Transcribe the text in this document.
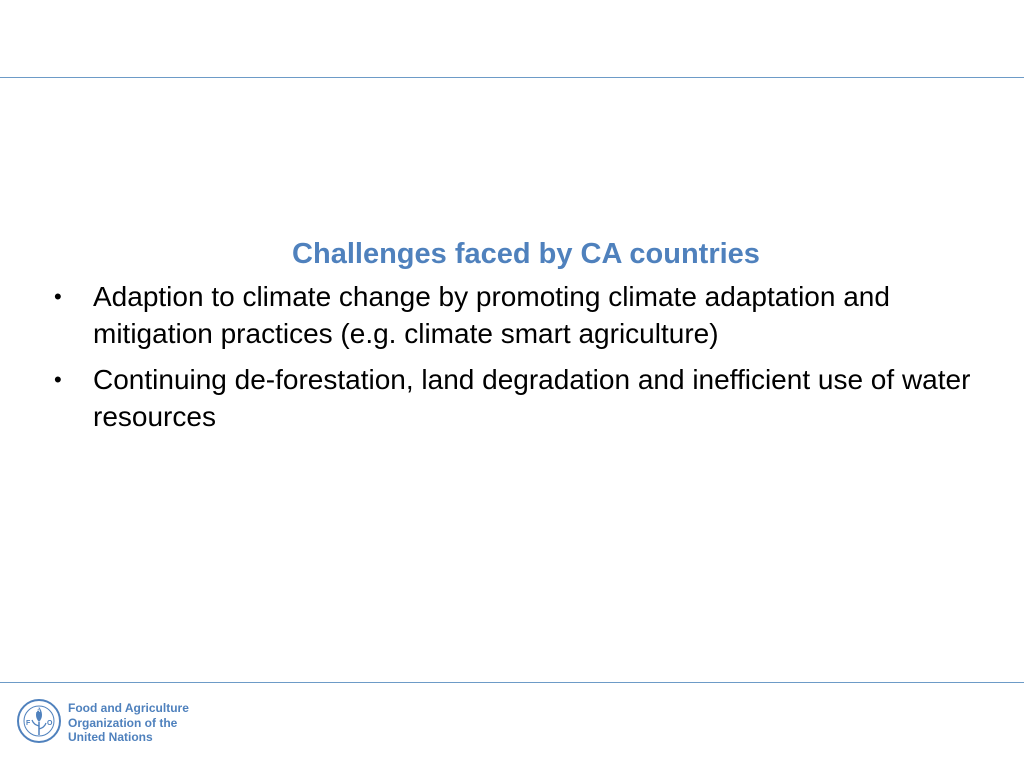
Challenges faced by CA countries
• Adaption to climate change by promoting climate adaptation and mitigation practices (e.g. climate smart agriculture)
• Continuing de-forestation, land degradation and inefficient use of water resources
F
A
O
Food and Agriculture
Organization of the
United Nations
